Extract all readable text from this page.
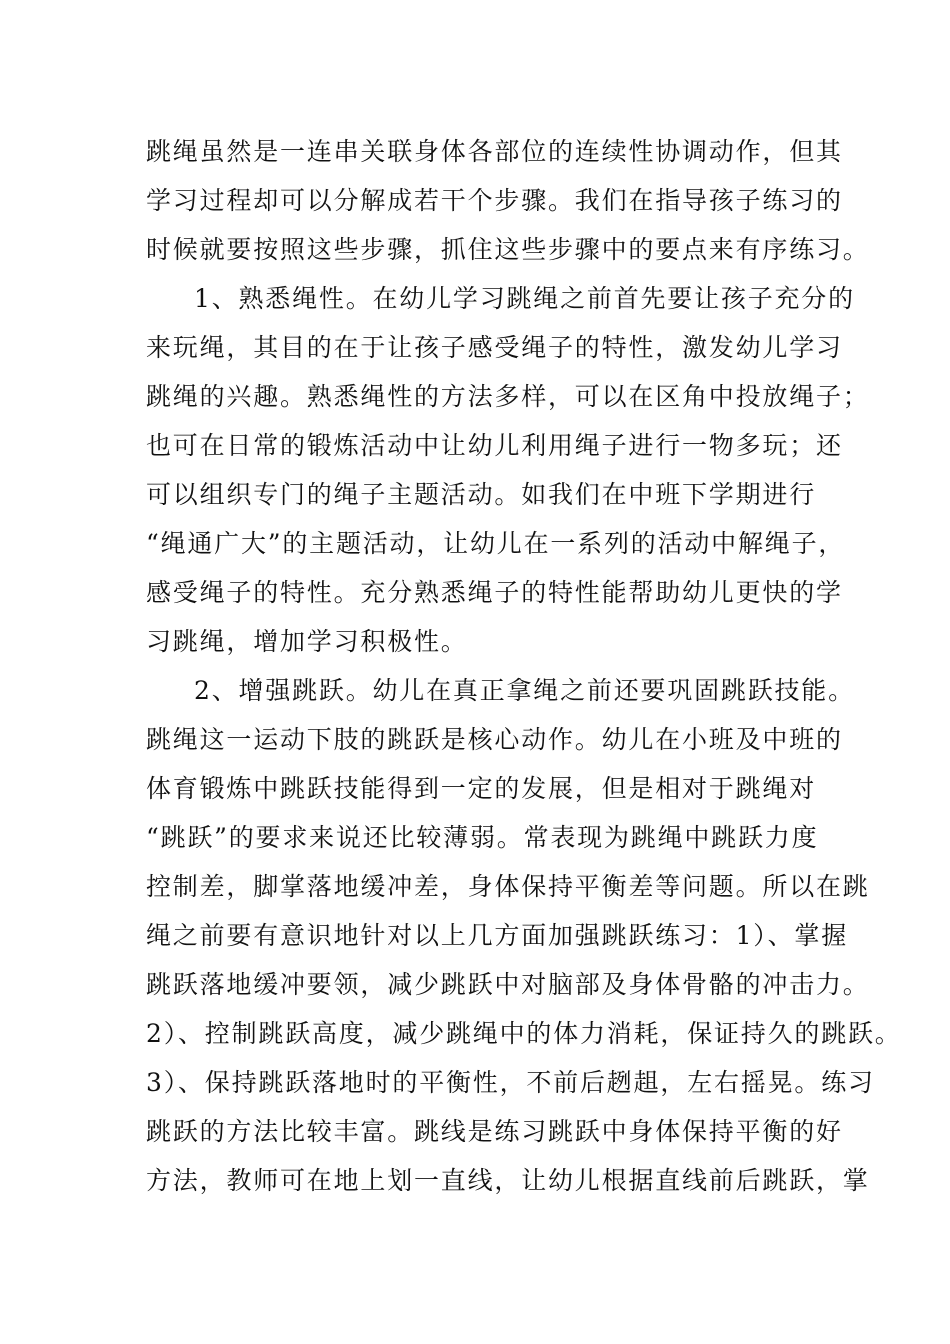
跳绳虽然是一连串关联身体各部位的连续性协调动作，但其
学习过程却可以分解成若干个步骤。我们在指导孩子练习的
时候就要按照这些步骤，抓住这些步骤中的要点来有序练习。
1、熟悉绳性。在幼儿学习跳绳之前首先要让孩子充分的
来玩绳，其目的在于让孩子感受绳子的特性，激发幼儿学习
跳绳的兴趣。熟悉绳性的方法多样，可以在区角中投放绳子；
也可在日常的锻炼活动中让幼儿利用绳子进行一物多玩；还
可以组织专门的绳子主题活动。如我们在中班下学期进行
“绳通广大”的主题活动，让幼儿在一系列的活动中解绳子，
感受绳子的特性。充分熟悉绳子的特性能帮助幼儿更快的学
习跳绳，增加学习积极性。
2、增强跳跃。幼儿在真正拿绳之前还要巩固跳跃技能。
跳绳这一运动下肢的跳跃是核心动作。幼儿在小班及中班的
体育锻炼中跳跃技能得到一定的发展，但是相对于跳绳对
“跳跃”的要求来说还比较薄弱。常表现为跳绳中跳跃力度
控制差，脚掌落地缓冲差，身体保持平衡差等问题。所以在跳
绳之前要有意识地针对以上几方面加强跳跃练习：1）、掌握
跳跃落地缓冲要领，减少跳跃中对脑部及身体骨骼的冲击力。
2）、控制跳跃高度，减少跳绳中的体力消耗，保证持久的跳跃。
3）、保持跳跃落地时的平衡性，不前后趔趄，左右摇晃。练习
跳跃的方法比较丰富。跳线是练习跳跃中身体保持平衡的好
方法，教师可在地上划一直线，让幼儿根据直线前后跳跃，掌
